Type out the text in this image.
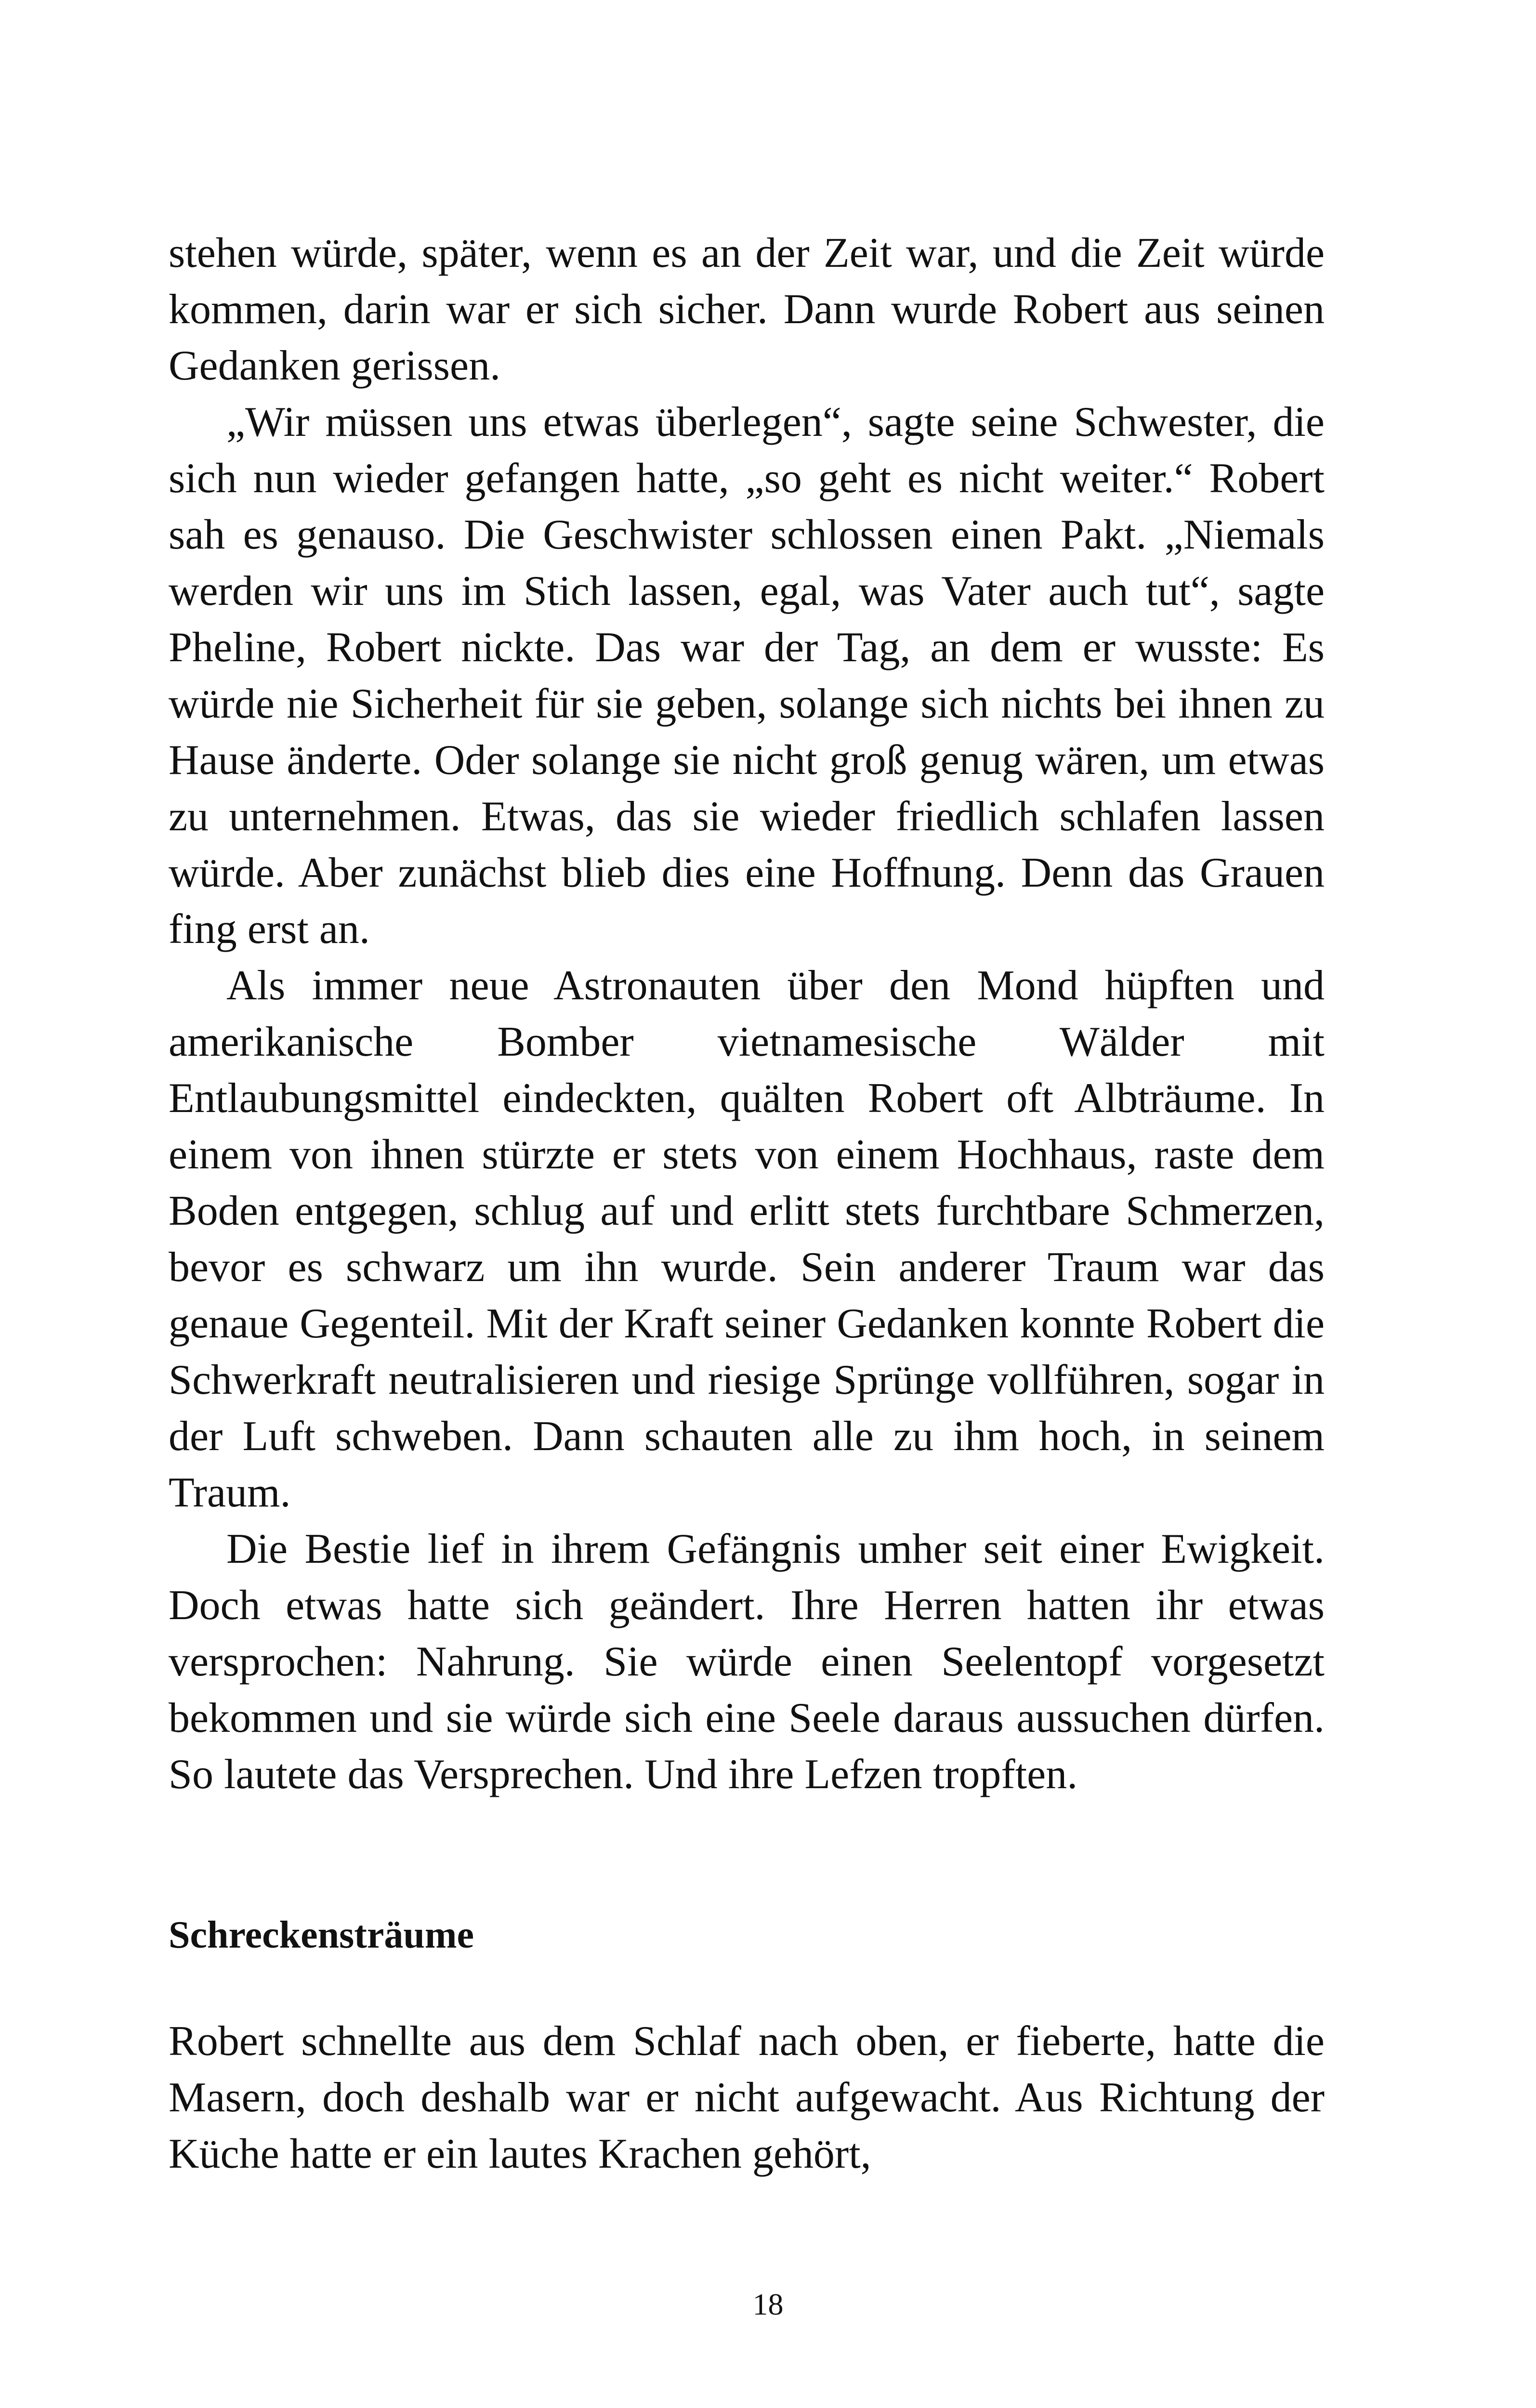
stehen würde, später, wenn es an der Zeit war, und die Zeit würde kommen, darin war er sich sicher. Dann wurde Robert aus seinen Gedanken gerissen.

„Wir müssen uns etwas überlegen“, sagte seine Schwester, die sich nun wieder gefangen hatte, „so geht es nicht weiter.“ Robert sah es genauso. Die Geschwister schlossen einen Pakt. „Niemals werden wir uns im Stich lassen, egal, was Vater auch tut“, sagte Pheline, Robert nickte. Das war der Tag, an dem er wusste: Es würde nie Sicherheit für sie geben, solange sich nichts bei ihnen zu Hause änderte. Oder solange sie nicht groß genug wären, um etwas zu unternehmen. Etwas, das sie wieder friedlich schlafen lassen würde. Aber zunächst blieb dies eine Hoffnung. Denn das Grauen fing erst an.

Als immer neue Astronauten über den Mond hüpften und amerikanische Bomber vietnamesische Wälder mit Entlaubungsmittel eindeckten, quälten Robert oft Albträume. In einem von ihnen stürzte er stets von einem Hochhaus, raste dem Boden entgegen, schlug auf und erlitt stets furchtbare Schmerzen, bevor es schwarz um ihn wurde. Sein anderer Traum war das genaue Gegenteil. Mit der Kraft seiner Gedanken konnte Robert die Schwerkraft neutralisieren und riesige Sprünge vollführen, sogar in der Luft schweben. Dann schauten alle zu ihm hoch, in seinem Traum.

Die Bestie lief in ihrem Gefängnis umher seit einer Ewigkeit. Doch etwas hatte sich geändert. Ihre Herren hatten ihr etwas versprochen: Nahrung. Sie würde einen Seelentopf vorgesetzt bekommen und sie würde sich eine Seele daraus aussuchen dürfen. So lautete das Versprechen. Und ihre Lefzen tropften.

Schreckensträume

Robert schnellte aus dem Schlaf nach oben, er fieberte, hatte die Masern, doch deshalb war er nicht aufgewacht. Aus Richtung der Küche hatte er ein lautes Krachen gehört,

18
